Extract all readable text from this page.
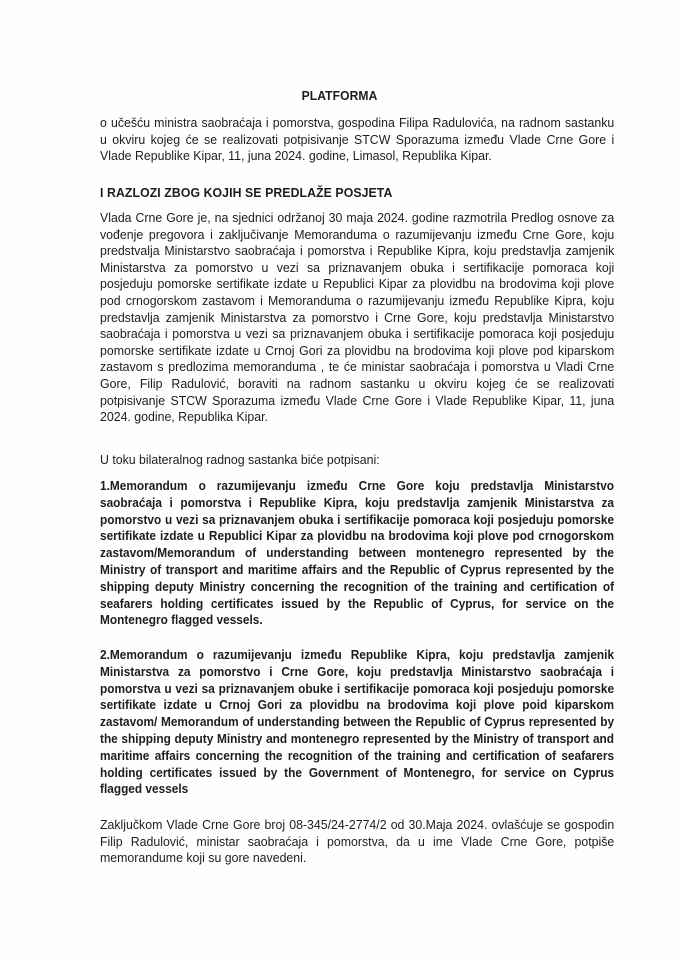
PLATFORMA

o učešću ministra saobraćaja i pomorstva, gospodina Filipa Radulovića, na radnom sastanku u okviru kojeg će se realizovati potpisivanje STCW Sporazuma između Vlade Crne Gore i Vlade Republike Kipar, 11, juna 2024. godine, Limasol, Republika Kipar.

I RAZLOZI ZBOG KOJIH SE PREDLAŽE POSJETA

Vlada Crne Gore je, na sjednici održanoj 30 maja 2024. godine razmotrila Predlog osnove za vođenje pregovora i zaključivanje Memoranduma o razumijevanju između Crne Gore, koju predstvalja Ministarstvo saobraćaja i pomorstva i Republike Kipra, koju predstavlja zamjenik Ministarstva za pomorstvo u vezi sa priznavanjem obuka i sertifikacije pomoraca koji posjeduju pomorske sertifikate izdate u Republici Kipar za plovidbu na brodovima koji plove pod crnogorskom zastavom i Memoranduma o razumijevanju između Republike Kipra, koju predstavlja zamjenik Ministarstva za pomorstvo i Crne Gore, koju predstavlja Ministarstvo saobraćaja i pomorstva u vezi sa priznavanjem obuka i sertifikacije pomoraca koji posjeduju pomorske sertifikate izdate u Crnoj Gori za plovidbu na brodovima koji plove pod kiparskom zastavom s predlozima memoranduma , te će ministar saobraćaja i pomorstva u Vladi Crne Gore, Filip Radulović, boraviti na radnom sastanku u okviru kojeg će se realizovati potpisivanje STCW Sporazuma između Vlade Crne Gore i Vlade Republike Kipar, 11, juna 2024. godine, Republika Kipar.

U toku bilateralnog radnog sastanka biće potpisani:

1.Memorandum o razumijevanju između Crne Gore koju predstavlja Ministarstvo saobraćaja i pomorstva i Republike Kipra, koju predstavlja zamjenik Ministarstva za pomorstvo u vezi sa priznavanjem obuka i sertifikacije pomoraca koji posjeduju pomorske sertifikate izdate u Republici Kipar za plovidbu na brodovima koji plove pod crnogorskom zastavom/Memorandum of understanding between montenegro represented by the Ministry of transport and maritime affairs and the Republic of Cyprus represented by the shipping deputy Ministry concerning the recognition of the training and certification of seafarers holding certificates issued by the Republic of Cyprus, for service on the Montenegro flagged vessels.

2.Memorandum o razumijevanju između Republike Kipra, koju predstavlja zamjenik Ministarstva za pomorstvo i Crne Gore, koju predstavlja Ministarstvo saobraćaja i pomorstva u vezi sa priznavanjem obuke i sertifikacije pomoraca koji posjeduju pomorske sertifikate izdate u Crnoj Gori za plovidbu na brodovima koji plove poid kiparskom zastavom/ Memorandum of understanding between the Republic of Cyprus represented by the shipping deputy Ministry and montenegro represented by the Ministry of transport and maritime affairs concerning the recognition of the training and certification of seafarers holding certificates issued by the Government of Montenegro, for service on Cyprus flagged vessels

Zaključkom Vlade Crne Gore broj 08-345/24-2774/2 od 30.Maja 2024. ovlašćuje se gospodin Filip Radulović, ministar saobraćaja i pomorstva, da u ime Vlade Crne Gore, potpiše memorandume koji su gore navedeni.
